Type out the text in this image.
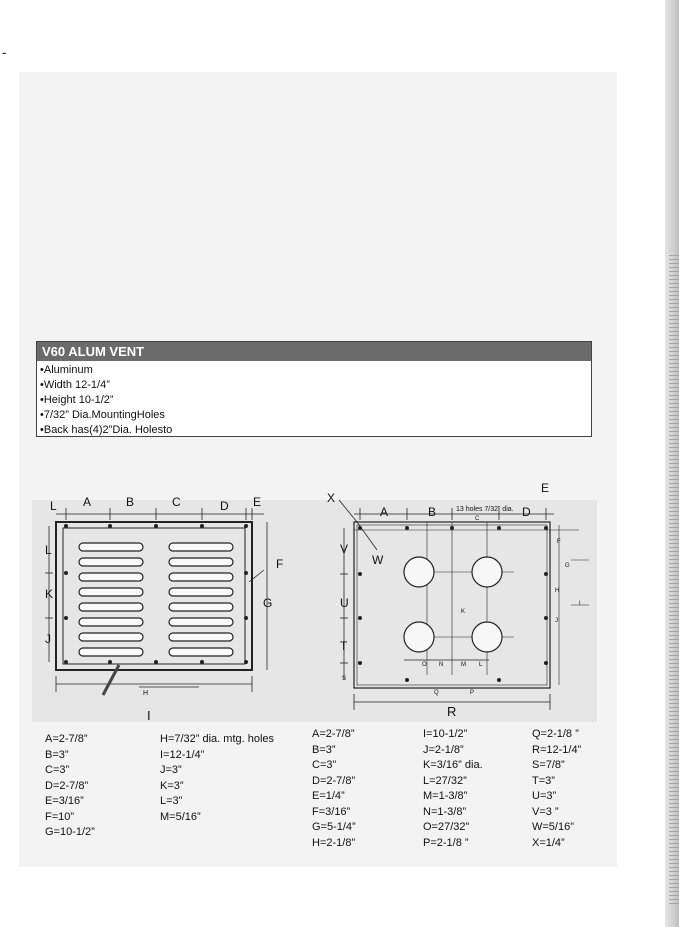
-
V60 ALUM VENT
•Aluminum
•Width 12-1/4”
•Height 10-1/2”
•7/32” Dia.MountingHoles
•Back has(4)2”Dia. Holesto
L A	B	C	D E
L
K
J
F
G
H
I
X
W
E
A	B	D
13 holes 7/32” dia.
C
V
U
T
S
F
G
H
I
J
K
O N	M L
Q	P
R
A=2-7/8”
B=3”
C=3”
D=2-7/8”
E=3/16”
F=10”
G=10-1/2”
H=7/32” dia. mtg. holes
I=12-1/4”
J=3”
K=3”
L=3”
M=5/16”
A=2-7/8”
B=3”
C=3”
D=2-7/8”
E=1/4”
F=3/16”
G=5-1/4”
H=2-1/8”
I=10-1/2”
J=2-1/8”
K=3/16” dia.
L=27/32”
M=1-3/8”
N=1-3/8”
O=27/32”
P=2-1/8 ”
Q=2-1/8 ”
R=12-1/4”
S=7/8”
T=3”
U=3”
V=3 ”
W=5/16”
X=1/4”
